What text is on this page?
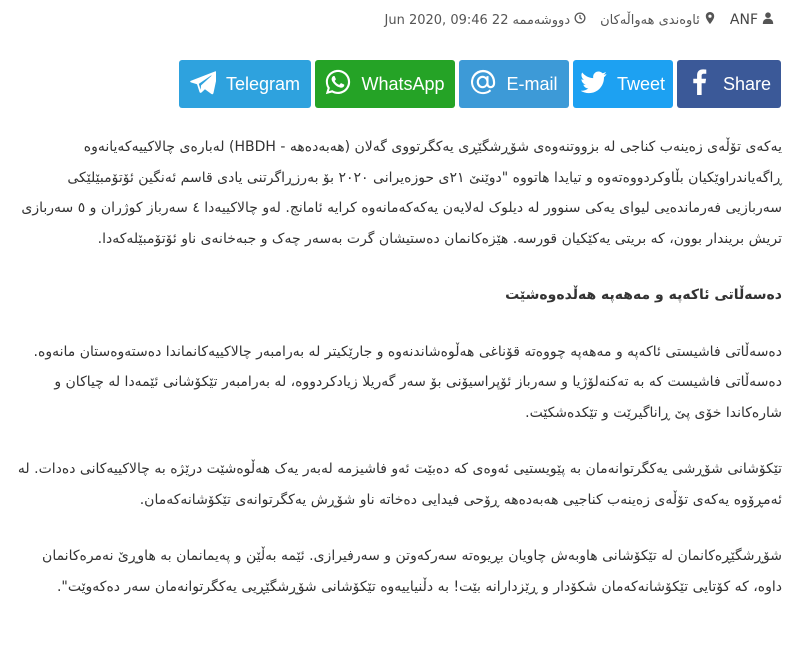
ANF
ئاوەندی هەواڵەکان
دووشەممە
Jun 2020, 09:46 22
Share
Tweet
E-mail
WhatsApp
Telegram

یەکەی تۆڵەی زەینەب کناجی لە بزووتنەوەی شۆڕشگێڕی یەکگرتووی گەلان (هەبەدەهە - HBDH) لەبارەی چالاکییەکەیانەوە ڕاگەیاندراوێکیان بڵاوکردووەتەوە و تیایدا هاتووە "دوێنێ ٢١ی حوزەیرانی ٢٠٢٠ بۆ بەرزڕاگرتنی یادی قاسم ئەنگین ئۆتۆمبێلێکی سەربازیی فەرماندەیی لیوای یەکی سنوور لە دیلوک لەلایەن یەکەکەمانەوە کرایە ئامانج. لەو چالاکییەدا ٤ سەرباز کوژران و ٥ سەربازی تریش بریندار بوون، کە بریتی یەکێکیان قورسە. هێزەکانمان دەستیشان گرت بەسەر چەک و جبەخانەی ناو ئۆتۆمبێلەکەدا.

دەسەڵاتی ئاکەپە و مەهەپە هەڵدەوەشێت

دەسەڵاتی فاشیستی ئاکەپە و مەهەپە چووەتە قۆناغی هەڵوەشاندنەوە و جارێکیتر لە بەرامبەر چالاکییەکانماندا دەستەوەستان مانەوە. دەسەڵاتی فاشیست کە بە تەکنەلۆژیا و سەرباز ئۆپراسیۆنی بۆ سەر گەریلا زیادکردووە، لە بەرامبەر تێکۆشانی ئێمەدا لە چیاکان و شارەکاندا خۆی پێ ڕاناگیرێت و تێکدەشکێت.

تێکۆشانی شۆڕشی یەکگرتوانەمان بە پێویستیی ئەوەی کە دەبێت ئەو فاشیزمە لەبەر یەک هەڵوەشێت درێژە بە چالاکییەکانی دەدات. لە ئەمڕۆوە یەکەی تۆڵەی زەینەب کناجیی هەبەدەهە ڕۆحی فیدایی دەخاتە ناو شۆڕش یەکگرتوانەی تێکۆشانەکەمان.

شۆڕشگێڕەکانمان لە تێکۆشانی هاوبەش چاویان بڕیوەتە سەرکەوتن و سەرفیرازی. ئێمە بەڵێن و پەیمانمان بە هاوڕێ نەمرەکانمان داوە، کە کۆتایی تێکۆشانەکەمان شکۆدار و ڕێزدارانە بێت! بە دڵنیاییەوە تێکۆشانی شۆڕشگێڕیی یەکگرتوانەمان سەر دەکەوێت".
